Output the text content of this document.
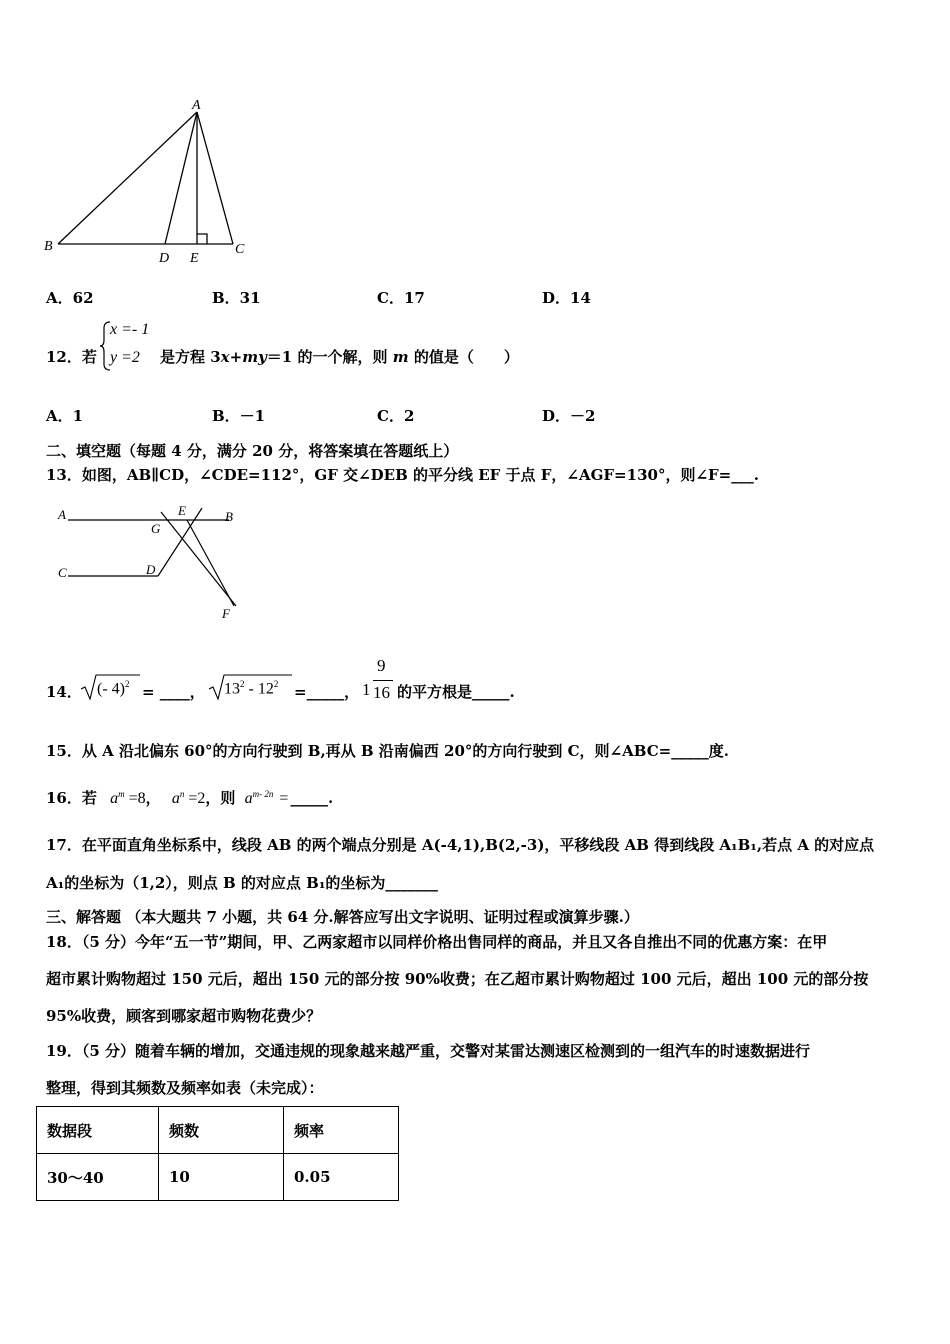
A
B	C
D E
A．62	B．31	C．17	D．14
12．若
x =- 1
y =2 是方程 3x+my＝1 的一个解，则 m 的值是（　　）
A．1	B．－1	C．2	D．－2
二、填空题（每题 4 分，满分 20 分，将答案填在答题纸上）
13．如图，AB∥CD，∠CDE=112°，GF 交∠DEB 的平分线 EF 于点 F，∠AGF=130°，则∠F=___.
A	B
C	D
E
G
F
14． (- 4)$^2$ = ____， $13^2 - 12^2$ =_____， 1
9
16 的平方根是_____.
15．从 A 沿北偏东 60°的方向行驶到 B,再从 B 沿南偏西 20°的方向行驶到 C，则∠ABC=_____度.
16．若 $a^m =8$， $a^n =2$，则 $a^{m- 2n}$ = _____.
17．在平面直角坐标系中，线段 AB 的两个端点分别是 A(-4,1),B(2,-3)，平移线段 AB 得到线段 A₁B₁,若点 A 的对应点
A₁的坐标为（1,2），则点 B 的对应点 B₁的坐标为_______
三、解答题 （本大题共 7 小题，共 64 分.解答应写出文字说明、证明过程或演算步骤.）
18．（5 分）今年“五一节”期间，甲、乙两家超市以同样价格出售同样的商品，并且又各自推出不同的优惠方案：在甲
超市累计购物超过 150 元后，超出 150 元的部分按 90%收费；在乙超市累计购物超过 100 元后，超出 100 元的部分按
95%收费，顾客到哪家超市购物花费少？
19．（5 分）随着车辆的增加，交通违规的现象越来越严重，交警对某雷达测速区检测到的一组汽车的时速数据进行
整理，得到其频数及频率如表（未完成）：
数据段	频数	频率
30～40	10	0.05
